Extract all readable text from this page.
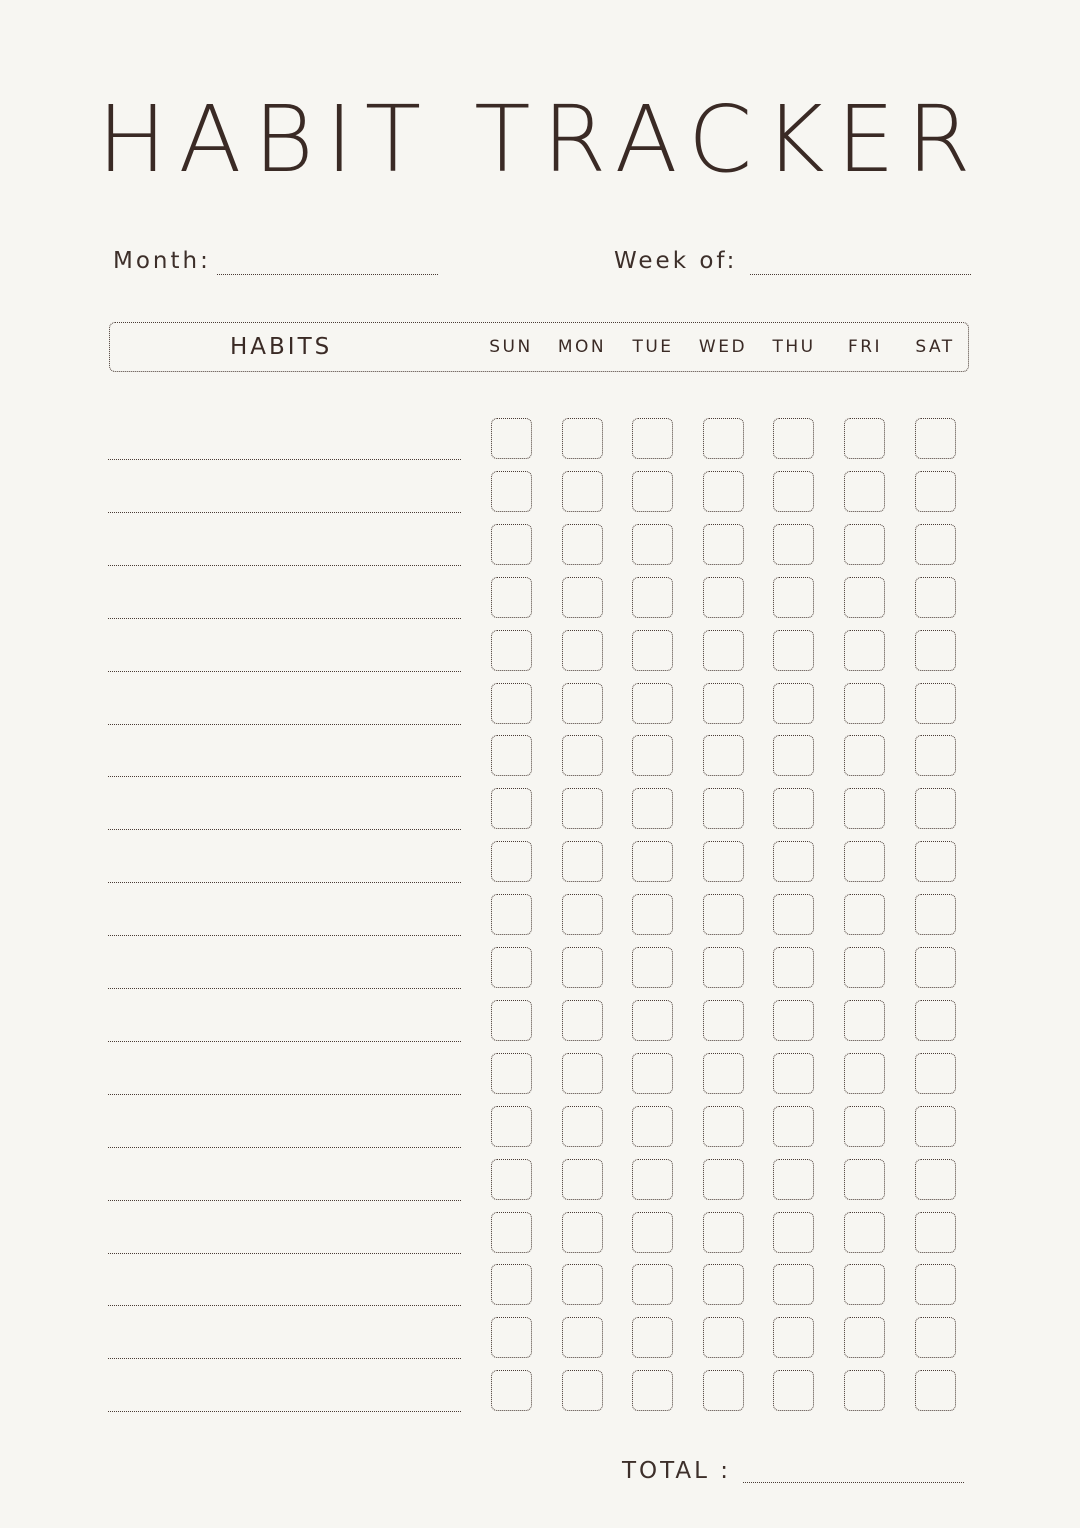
HABIT TRACKER
Month:	Week of:
HABITS	SUN	MON	TUE	WED	THU	FRI	SAT
TOTAL :
